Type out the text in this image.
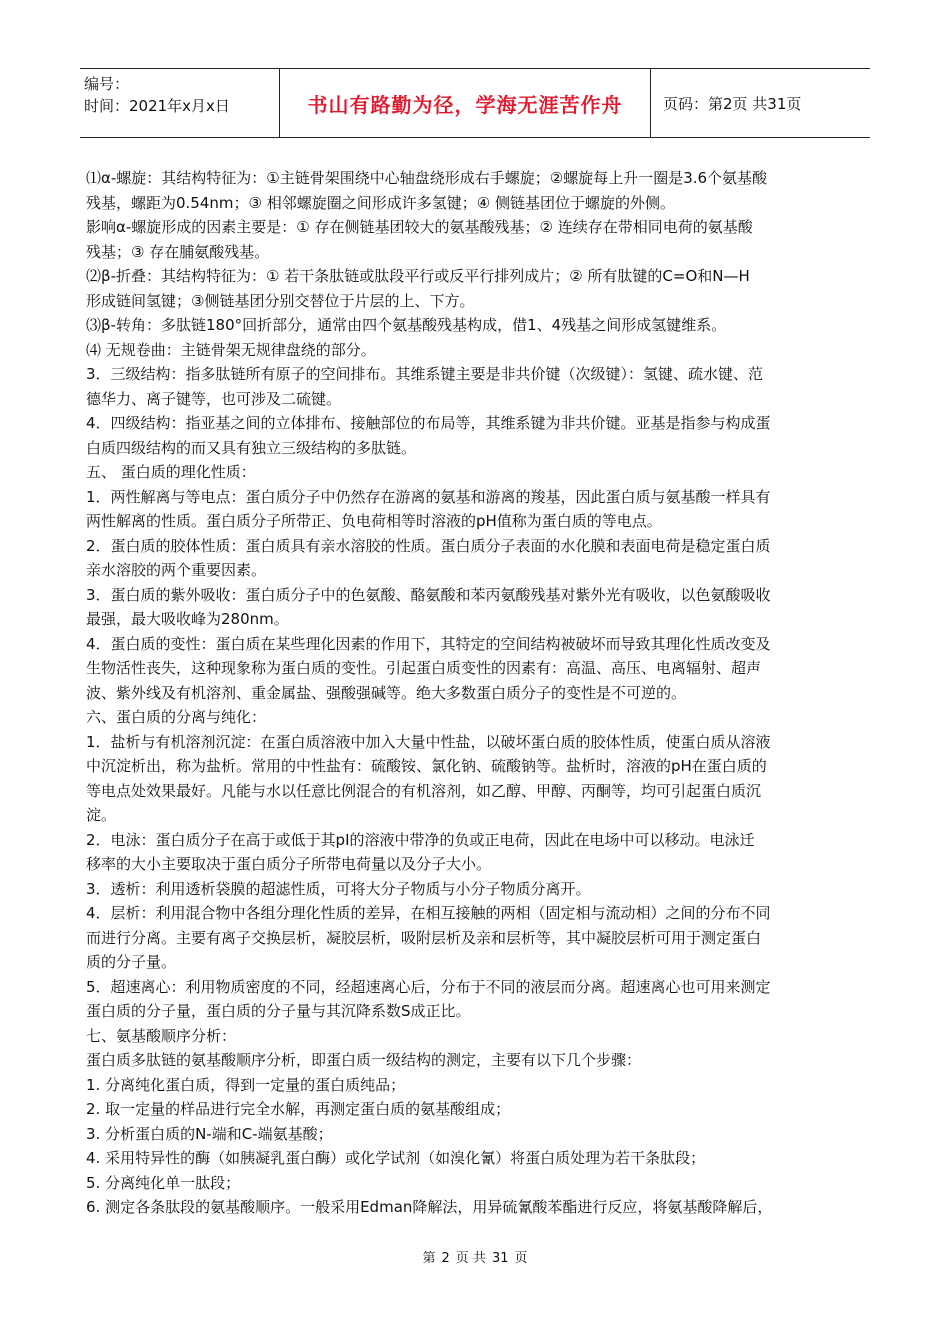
编号：
时间：2021年x月x日	书山有路勤为径，学海无涯苦作舟	页码：第2页 共31页
⑴α-螺旋：其结构特征为：①主链骨架围绕中心轴盘绕形成右手螺旋；②螺旋每上升一圈是3.6个氨基酸
残基，螺距为0.54nm；③ 相邻螺旋圈之间形成许多氢键；④ 侧链基团位于螺旋的外侧。
影响α-螺旋形成的因素主要是：① 存在侧链基团较大的氨基酸残基；② 连续存在带相同电荷的氨基酸
残基；③ 存在脯氨酸残基。
⑵β-折叠：其结构特征为：① 若干条肽链或肽段平行或反平行排列成片；② 所有肽键的C=O和N—H
形成链间氢键；③侧链基团分别交替位于片层的上、下方。
⑶β-转角：多肽链180°回折部分，通常由四个氨基酸残基构成，借1、4残基之间形成氢键维系。
⑷ 无规卷曲：主链骨架无规律盘绕的部分。
3．三级结构：指多肽链所有原子的空间排布。其维系键主要是非共价键（次级键）：氢键、疏水键、范
德华力、离子键等，也可涉及二硫键。
4．四级结构：指亚基之间的立体排布、接触部位的布局等，其维系键为非共价键。亚基是指参与构成蛋
白质四级结构的而又具有独立三级结构的多肽链。
五、 蛋白质的理化性质：
1．两性解离与等电点：蛋白质分子中仍然存在游离的氨基和游离的羧基，因此蛋白质与氨基酸一样具有
两性解离的性质。蛋白质分子所带正、负电荷相等时溶液的pH值称为蛋白质的等电点。
2．蛋白质的胶体性质：蛋白质具有亲水溶胶的性质。蛋白质分子表面的水化膜和表面电荷是稳定蛋白质
亲水溶胶的两个重要因素。
3．蛋白质的紫外吸收：蛋白质分子中的色氨酸、酪氨酸和苯丙氨酸残基对紫外光有吸收，以色氨酸吸收
最强，最大吸收峰为280nm。
4．蛋白质的变性：蛋白质在某些理化因素的作用下，其特定的空间结构被破坏而导致其理化性质改变及
生物活性丧失，这种现象称为蛋白质的变性。引起蛋白质变性的因素有：高温、高压、电离辐射、超声
波、紫外线及有机溶剂、重金属盐、强酸强碱等。绝大多数蛋白质分子的变性是不可逆的。
六、蛋白质的分离与纯化：
1．盐析与有机溶剂沉淀：在蛋白质溶液中加入大量中性盐，以破坏蛋白质的胶体性质，使蛋白质从溶液
中沉淀析出，称为盐析。常用的中性盐有：硫酸铵、氯化钠、硫酸钠等。盐析时，溶液的pH在蛋白质的
等电点处效果最好。凡能与水以任意比例混合的有机溶剂，如乙醇、甲醇、丙酮等，均可引起蛋白质沉
淀。
2．电泳：蛋白质分子在高于或低于其pI的溶液中带净的负或正电荷，因此在电场中可以移动。电泳迁
移率的大小主要取决于蛋白质分子所带电荷量以及分子大小。
3．透析：利用透析袋膜的超滤性质，可将大分子物质与小分子物质分离开。
4．层析：利用混合物中各组分理化性质的差异，在相互接触的两相（固定相与流动相）之间的分布不同
而进行分离。主要有离子交换层析，凝胶层析，吸附层析及亲和层析等，其中凝胶层析可用于测定蛋白
质的分子量。
5．超速离心：利用物质密度的不同，经超速离心后，分布于不同的液层而分离。超速离心也可用来测定
蛋白质的分子量，蛋白质的分子量与其沉降系数S成正比。
七、氨基酸顺序分析：
蛋白质多肽链的氨基酸顺序分析，即蛋白质一级结构的测定，主要有以下几个步骤：
1. 分离纯化蛋白质，得到一定量的蛋白质纯品；
2. 取一定量的样品进行完全水解，再测定蛋白质的氨基酸组成；
3. 分析蛋白质的N-端和C-端氨基酸；
4. 采用特异性的酶（如胰凝乳蛋白酶）或化学试剂（如溴化氰）将蛋白质处理为若干条肽段；
5. 分离纯化单一肽段；
6. 测定各条肽段的氨基酸顺序。一般采用Edman降解法，用异硫氰酸苯酯进行反应，将氨基酸降解后，
第 2 页 共 31 页
